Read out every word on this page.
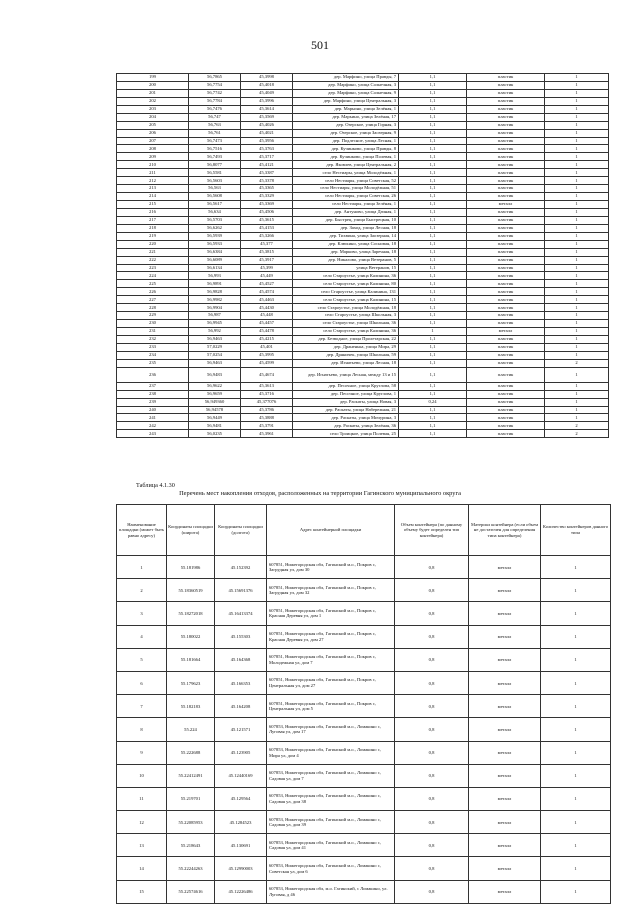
501
199	56,7865	45,3998	дер. Марфино, улица Правды, 7	1,1	пластик	1
200	56,7754	45,4018	дер. Марфино, улица Солнечная, 3	1,1	пластик	1
201	56,7742	45,4049	дер. Марфино, улица Солнечная, 9	1,1	пластик	1
202	56,7784	45,3996	дер. Марфино, улица Центральная, 3	1,1	пластик	1
203	56,7476	45,3614	дер. Марьино, улица Зелёная, 1	1,1	пластик	1
204	56,747	45,3569	дер. Марьино, улица Зелёная, 17	1,1	пластик	1
205	56,763	45,4026	дер. Озерское, улица Горная, 3	1,1	пластик	1
206	56,761	45,4021	дер. Озерское, улица Заозерная, 9	1,1	пластик	1
207	56,7473	45,3956	дер. Подлесное, улица Лесная, 1	1,1	пластик	1
208	56,7516	45,3763	дер. Кучинково, улица Правды, 8	1,1	пластик	1
209	56,7493	45,3717	дер. Кучинково, улица Полевая, 1	1,1	пластик	1
210	56,8077	45,4121	дер. Яковлев, улица Центральная, 2	1,1	пластик	1
211	56,5581	45,3387	село Нестиары, улица Молодёжная, 1	1,1	пластик	1
212	56,5603	45,3378	село Нестиары, улица Советская, 52	1,1	пластик	1
213	56,563	45,3365	село Нестиары, улица Молодёжная, 51	1,1	пластик	1
214	56,5608	45,3329	село Нестиары, улица Советская, 26	1,1	пластик	1
215	56,5617	45,3369	село Нестиары, улица Зелёная, 1	1,1	металл	1
216	56,634	45,4506	дер. Антуново, улица Дачная, 1	1,1	пластик	1
217	56,5703	45,3615	дер. Быстрец, улица Быстрецкая, 10	1,1	пластик	1
218	56,6262	45,4153	дер. Заход, улица Лесная, 18	1,1	пластик	1
219	56,5939	45,3266	дер. Тихвина, улица Заозерная, 14	1,1	пластик	1
220	56,5933	45,377	дер. Клюкино, улица Сосновая, 18	1,1	пластик	1
221	56,6384	45,3815	дер. Марково, улица Заречная, 18	1,1	пластик	1
222	56,6089	45,3917	дер. Никалово, улица Ветеранов, 5	1,1	пластик	1
223	56,6134	45,399	улица Ветеранов, 15	1,1	пластик	1
224	56,993	45,449	село Староустье, улица Калинина, 36	1,1	пластик	1
225	56,9891	45,4527	село Староустье, улица Калинина, 80	1,1	пластик	1
226	56,9828	45,4574	село Староустье, улица Калинина, 131	1,1	пластик	1
227	56,9982	45,4463	село Староустье, улица Калинина, 15	1,1	пластик	1
228	56,9904	45,4430	село Староустье, улица Молодёжная, 18	1,1	пластик	1
229	56,987	45,448	село Староустье, улица Школьная, 3	1,1	пластик	1
230	56,9945	45,4457	село Староустье, улица Школьная, 36	1,1	пластик	1
231	56,992	45,4478	село Староустье, улица Калинина, 36	1	металл	1
232	56,9463	45,4215	дер. Безводное, улица Пролетарская, 22	1,1	пластик	1
233	57,0229	45,401	дер. Драненька, улица Мира, 29	1,1	пластик	1
234	57,0254	45,3995	дер. Дряничек, улица Школьная, 59	1,1	пластик	1
235	56,9463	45,4599	дер. Игнатьево, улица Лесная, 18	1,1	пластик	2
236	56,9483	45,4674	дер. Игнатьево, улица Лесная, между 13 и 15	1,1	пластик	1
237	56,9622	45,3613	дер. Песочное, улица Круглова, 58	1,1	пластик	1
238	56,9659	45,3716	дер. Песочное, улица Круглова, 1	1,1	пластик	1
239	56,949360	45,377076	дер. Раскаты, улица Новая, 3	0,24	пластик	1
240	56,94578	45,3786	дер. Раскаты, улица Набережная, 21	1,1	пластик	1
241	56,9449	45,3888	дер. Раскаты, улица Мичурина, 3	1,1	пластик	1
242	56,9481	45,3791	дер. Раскаты, улица Зелёная, 36	1,1	пластик	2
243	56,0235	45,3961	село Троицкое, улица Полевая, 25	1,1	пластик	2
Таблица 4.1.30
Перечень мест накопления отходов, расположенных на территории Гагинского муниципального округа
Наименование площадки (может быть равно адресу)	Координаты площадки (широта)	Координаты площадки (долгота)	Адрес контейнерной площадки	Объем контейнера (по данному объему будет определен тип контейнера)	Материал контейнера (если объем не достаточен для определения типа контейнера)	Количество контейнеров данного типа
1	55.181986	45.152392	607851, Нижегородская обл, Гагинский м.о., Покров с, Загрудная ул, дом 30	0,8	металл	1
2	55.18360519	45.15691376	607851, Нижегородская обл, Гагинский м.о., Покров с, Загрудная ул, дом 32	0,8	металл	1
3	55.18272018	45.16413374	607851, Нижегородская обл, Гагинский м.о., Покров с, Красная Деревня ул, дом 1	0,8	металл	1
4	55.180022	45.155303	607851, Нижегородская обл, Гагинский м.о., Покров с, Красная Деревня ул, дом 27	0,8	металл	1
5	55.181664	45.164368	607851, Нижегородская обл, Гагинский м.о., Покров с, Молодежная ул, дом 7	0,8	металл	1
6	55.179623	45.166353	607851, Нижегородская обл, Гагинский м.о., Покров с, Центральная ул, дом 27	0,8	металл	1
7	55.182183	45.164208	607851, Нижегородская обл, Гагинский м.о., Покров с, Центральная ул, дом 5	0,8	металл	1
8	55.224	45.121571	607853, Нижегородская обл, Гагинский м.о., Ломакино с, Луговая ул, дом 17	0,8	металл	1
9	55.222688	45.123905	607853, Нижегородская обл, Гагинский м.о., Ломакино с, Мира ул, дом 4	0,8	металл	1
10	55.22412491	45.12440169	607853, Нижегородская обл, Гагинский м.о., Ломакино с, Садовая ул, дом 7	0,8	металл	1
11	55.219701	45.129564	607853, Нижегородская обл, Гагинский м.о., Ломакино с, Садовая ул, дом 38	0,8	металл	1
12	55.22085953	45.1284523	607853, Нижегородская обл, Гагинский м.о., Ломакино с, Садовая ул, дом 39	0,8	металл	1
13	55.218643	45.130691	607853, Нижегородская обл, Гагинский м.о., Ломакино с, Садовая ул, дом 41	0,8	металл	1
14	55.22244263	45.12990003	607853, Нижегородская обл, Гагинский м.о., Ломакино с, Советская ул, дом 6	0,8	металл	1
15	55.22574616	45.12226486	607853, Нижегородская обл, м.о. Гагинский, с Ломакино, ул. Луговая, д 46	0,8	металл	1
